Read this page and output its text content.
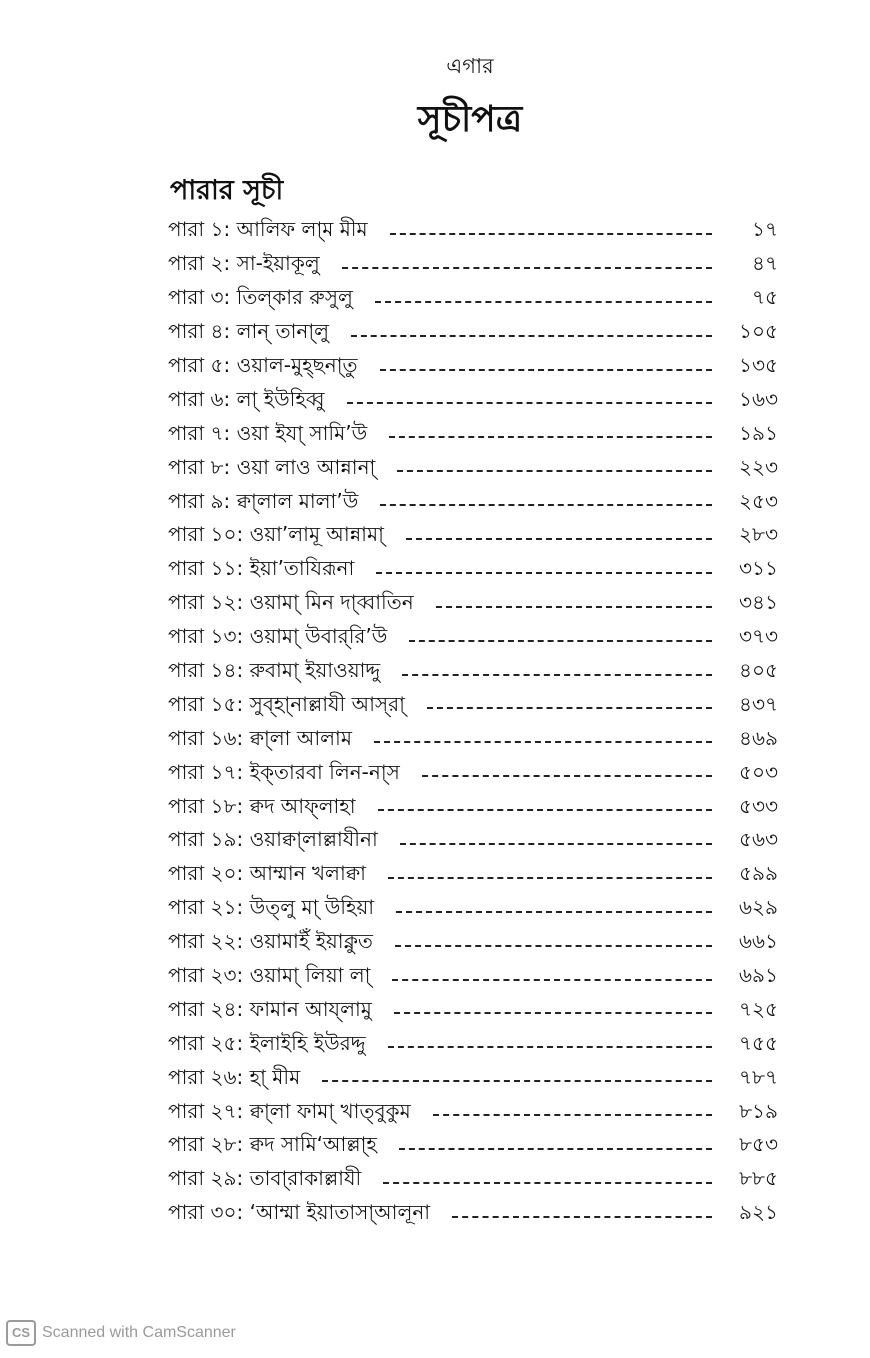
এগার
সূচীপত্র
পারার সূচী
পারা ১: আলিফ লা্ম মীম	১৭
পারা ২: সা-ইয়াকূলু	৪৭
পারা ৩: তিল্‌কার রুসুলু	৭৫
পারা ৪: লান্‌ তানা্লু	১০৫
পারা ৫: ওয়াল-মুহ্‌ছনা্তু	১৩৫
পারা ৬: লা্ ইউহিব্বু	১৬৩
পারা ৭: ওয়া ইযা্ সামি’উ	১৯১
পারা ৮: ওয়া লাও আন্নানা্	২২৩
পারা ৯: ক্বা্লাল মালা’উ	২৫৩
পারা ১০: ওয়া’লামূ আন্নামা্	২৮৩
পারা ১১: ইয়া’তাযিরূনা	৩১১
পারা ১২: ওয়ামা্ মিন দা্ব্বাতিন	৩৪১
পারা ১৩: ওয়ামা্ উবার্‌রি’উ	৩৭৩
পারা ১৪: রুবামা্ ইয়াওয়াদ্দু	৪০৫
পারা ১৫: সুব্‌হা্নাল্লাযী আস্‌রা্	৪৩৭
পারা ১৬: ক্বা্লা আলাম	৪৬৯
পারা ১৭: ইক্‌তারবা লিন-না্স	৫০৩
পারা ১৮: ক্বদ আফ্‌লাহা	৫৩৩
পারা ১৯: ওয়াক্বা্লাল্লাযীনা	৫৬৩
পারা ২০: আম্মান খলাক্বা	৫৯৯
পারা ২১: উত্‌লু মা্ উহিয়া	৬২৯
পারা ২২: ওয়ামাইঁ ইয়াক্নুত	৬৬১
পারা ২৩: ওয়ামা্ লিয়া লা্	৬৯১
পারা ২৪: ফামান আয্‌লামু	৭২৫
পারা ২৫: ইলাইহি ইউরদ্দু	৭৫৫
পারা ২৬: হা্ মীম	৭৮৭
পারা ২৭: ক্বা্লা ফামা্ খাত্‌বুকুম	৮১৯
পারা ২৮: ক্বদ সামি‘আল্লা্হ	৮৫৩
পারা ২৯: তাবা্রাকাল্লাযী	৮৮৫
পারা ৩০: ‘আম্মা ইয়াতাসা্আলূনা	৯২১
CS Scanned with CamScanner
